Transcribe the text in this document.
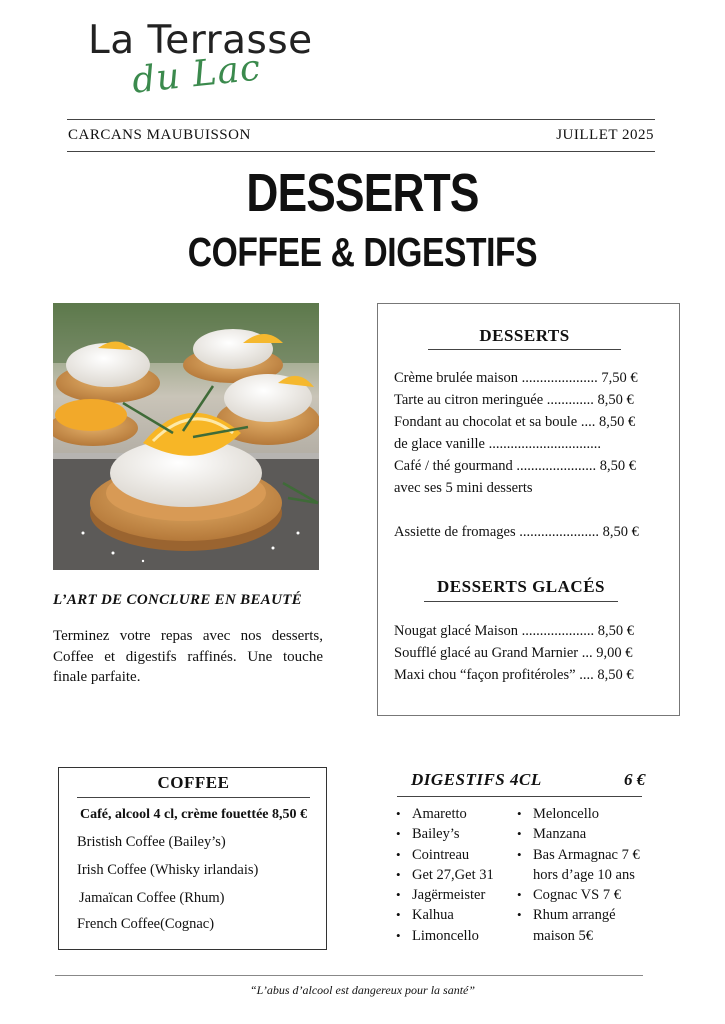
La Terrasse
du Lac
CARCANS MAUBUISSON	JUILLET 2025
DESSERTS
COFFEE & DIGESTIFS
L’ART DE CONCLURE EN BEAUTÉ
Terminez votre repas avec nos desserts, Coffee et digestifs raffinés. Une touche finale parfaite.
DESSERTS
Crème brulée maison ..................... 7,50 €
Tarte au citron meringuée ............. 8,50 €
Fondant au chocolat et sa boule .... 8,50 €
de glace vanille ...............................
Café / thé gourmand ...................... 8,50 €
avec ses 5 mini desserts
Assiette de fromages ...................... 8,50 €
DESSERTS GLACÉS
Nougat glacé Maison .................... 8,50 €
Soufflé glacé au Grand Marnier ... 9,00 €
Maxi chou “façon profitéroles” .... 8,50 €
COFFEE
Café, alcool 4 cl, crème fouettée 8,50 €
Bristish Coffee (Bailey’s)
Irish Coffee (Whisky irlandais)
Jamaïcan Coffee (Rhum)
French Coffee(Cognac)
DIGESTIFS 4CL	6 €
• Amaretto
• Bailey’s
• Cointreau
• Get 27,Get 31
• Jagërmeister
• Kalhua
• Limoncello
• Meloncello
• Manzana
• Bas Armagnac 7 €
hors d’age 10 ans
• Cognac VS 7 €
• Rhum arrangé
maison 5€
“L’abus d’alcool est dangereux pour la santé”
